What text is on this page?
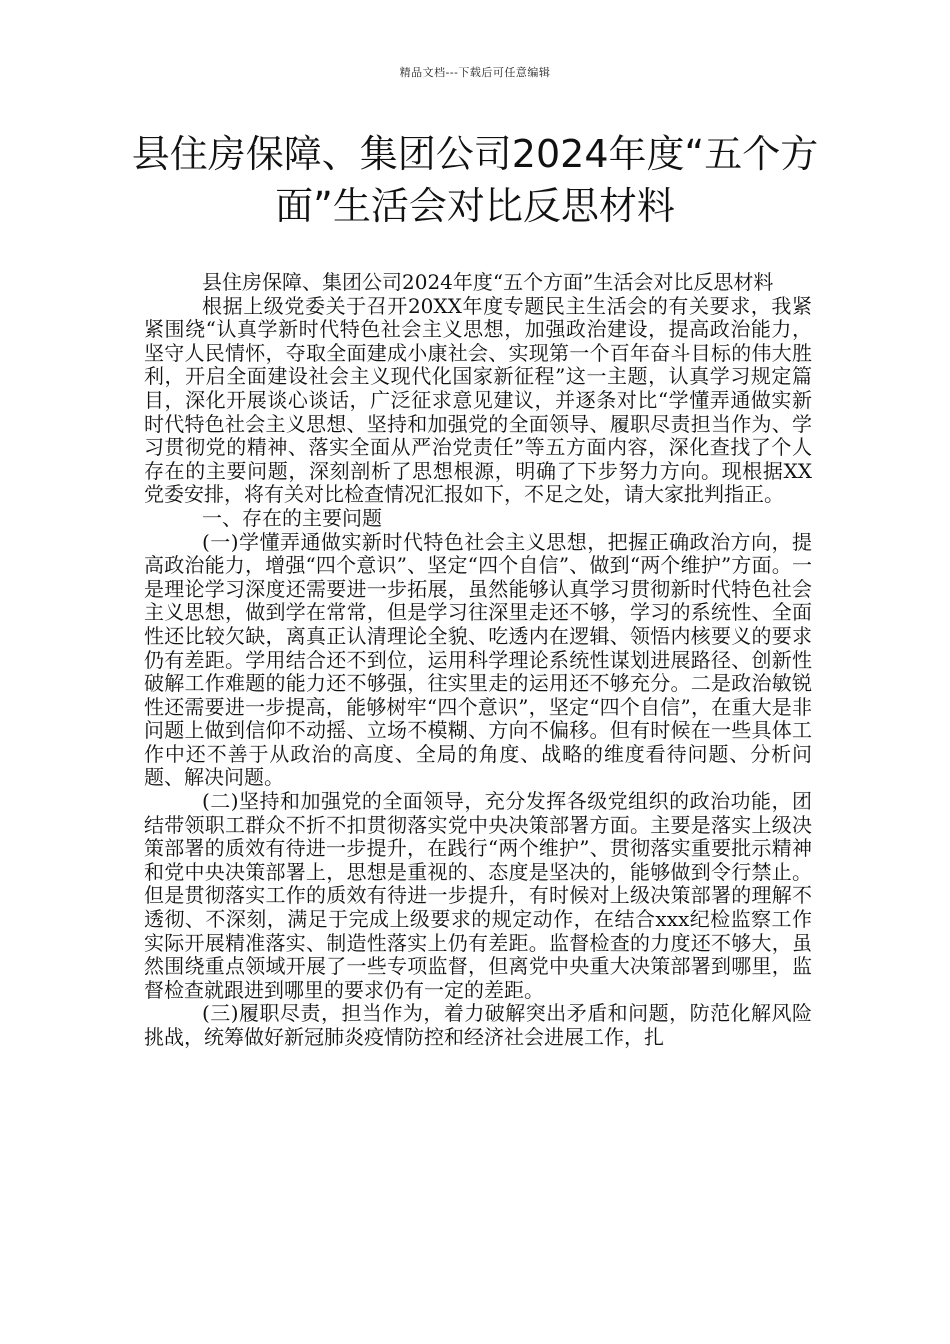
精品文档---下载后可任意编辑
县住房保障、集团公司2024年度“五个方面”生活会对比反思材料

县住房保障、集团公司2024年度“五个方面”生活会对比反思材料

根据上级党委关于召开20XX年度专题民主生活会的有关要求，我紧紧围绕“认真学新时代特色社会主义思想，加强政治建设，提高政治能力，坚守人民情怀，夺取全面建成小康社会、实现第一个百年奋斗目标的伟大胜利，开启全面建设社会主义现代化国家新征程”这一主题，认真学习规定篇目，深化开展谈心谈话，广泛征求意见建议，并逐条对比“学懂弄通做实新时代特色社会主义思想、坚持和加强党的全面领导、履职尽责担当作为、学习贯彻党的精神、落实全面从严治党责任”等五方面内容，深化查找了个人存在的主要问题，深刻剖析了思想根源，明确了下步努力方向。现根据XX党委安排，将有关对比检查情况汇报如下，不足之处，请大家批判指正。

一、存在的主要问题

(一)学懂弄通做实新时代特色社会主义思想，把握正确政治方向，提高政治能力，增强“四个意识”、坚定“四个自信”、做到“两个维护”方面。一是理论学习深度还需要进一步拓展，虽然能够认真学习贯彻新时代特色社会主义思想，做到学在常常，但是学习往深里走还不够，学习的系统性、全面性还比较欠缺，离真正认清理论全貌、吃透内在逻辑、领悟内核要义的要求仍有差距。学用结合还不到位，运用科学理论系统性谋划进展路径、创新性破解工作难题的能力还不够强，往实里走的运用还不够充分。二是政治敏锐性还需要进一步提高，能够树牢“四个意识”，坚定“四个自信”，在重大是非问题上做到信仰不动摇、立场不模糊、方向不偏移。但有时候在一些具体工作中还不善于从政治的高度、全局的角度、战略的维度看待问题、分析问题、解决问题。

(二)坚持和加强党的全面领导，充分发挥各级党组织的政治功能，团结带领职工群众不折不扣贯彻落实党中央决策部署方面。主要是落实上级决策部署的质效有待进一步提升，在践行“两个维护”、贯彻落实重要批示精神和党中央决策部署上，思想是重视的、态度是坚决的，能够做到令行禁止。但是贯彻落实工作的质效有待进一步提升，有时候对上级决策部署的理解不透彻、不深刻，满足于完成上级要求的规定动作，在结合xxx纪检监察工作实际开展精准落实、制造性落实上仍有差距。监督检查的力度还不够大，虽然围绕重点领域开展了一些专项监督，但离党中央重大决策部署到哪里，监督检查就跟进到哪里的要求仍有一定的差距。

(三)履职尽责，担当作为，着力破解突出矛盾和问题，防范化解风险挑战，统筹做好新冠肺炎疫情防控和经济社会进展工作，扎
